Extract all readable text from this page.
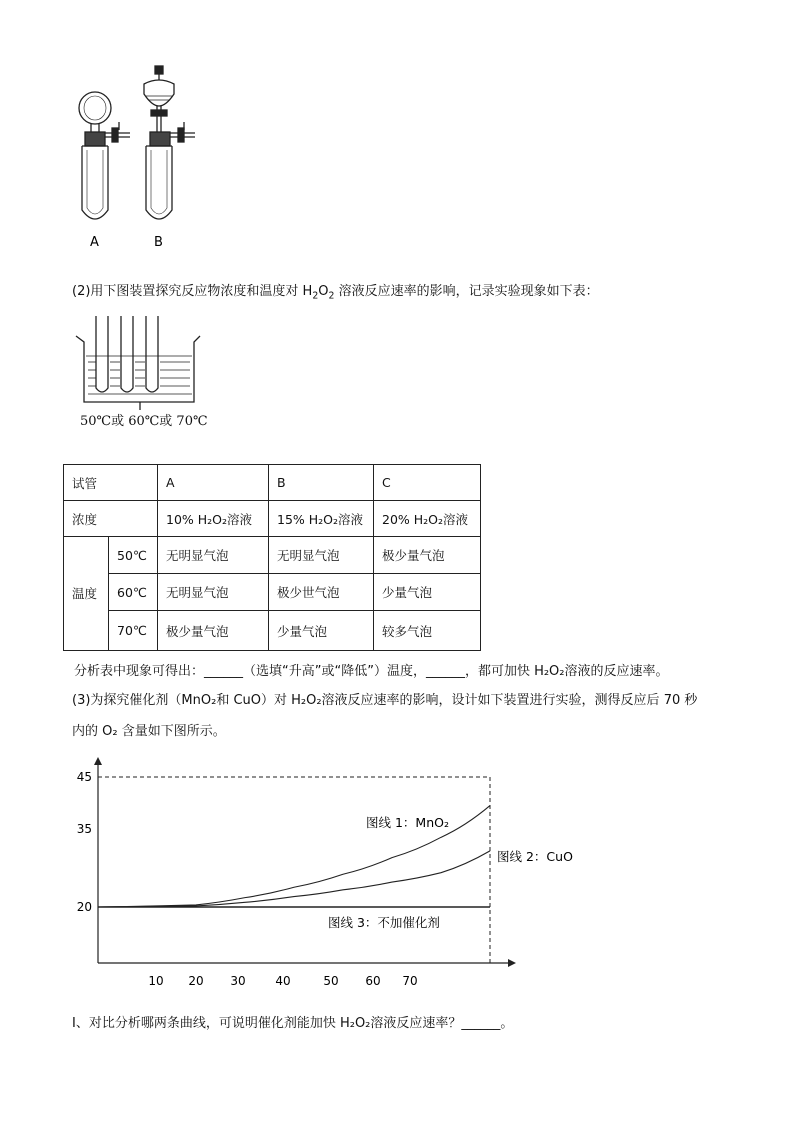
A	B
(2)用下图装置探究反应物浓度和温度对 $H_2O_2$ 溶液反应速率的影响，记录实验现象如下表：
50℃或 60℃或 70℃
试管		A	B	C
浓度		10% H₂O₂溶液	15% H₂O₂溶液	20% H₂O₂溶液
温度	50℃	无明显气泡	无明显气泡	极少量气泡
	60℃	无明显气泡	极少世气泡	少量气泡
	70℃	极少量气泡	少量气泡	较多气泡
分析表中现象可得出：______（选填“升高”或“降低”）温度，______，都可加快 H₂O₂溶液的反应速率。
(3)为探究催化剂（MnO₂和 CuO）对 H₂O₂溶液反应速率的影响，设计如下装置进行实验，测得反应后 70 秒
内的 O₂ 含量如下图所示。
10 20 30 40	50 60 70
20
35
45
图线 1：MnO₂
图线 2：CuO
图线 3：不加催化剂
Ⅰ、对比分析哪两条曲线，可说明催化剂能加快 H₂O₂溶液反应速率？______。
